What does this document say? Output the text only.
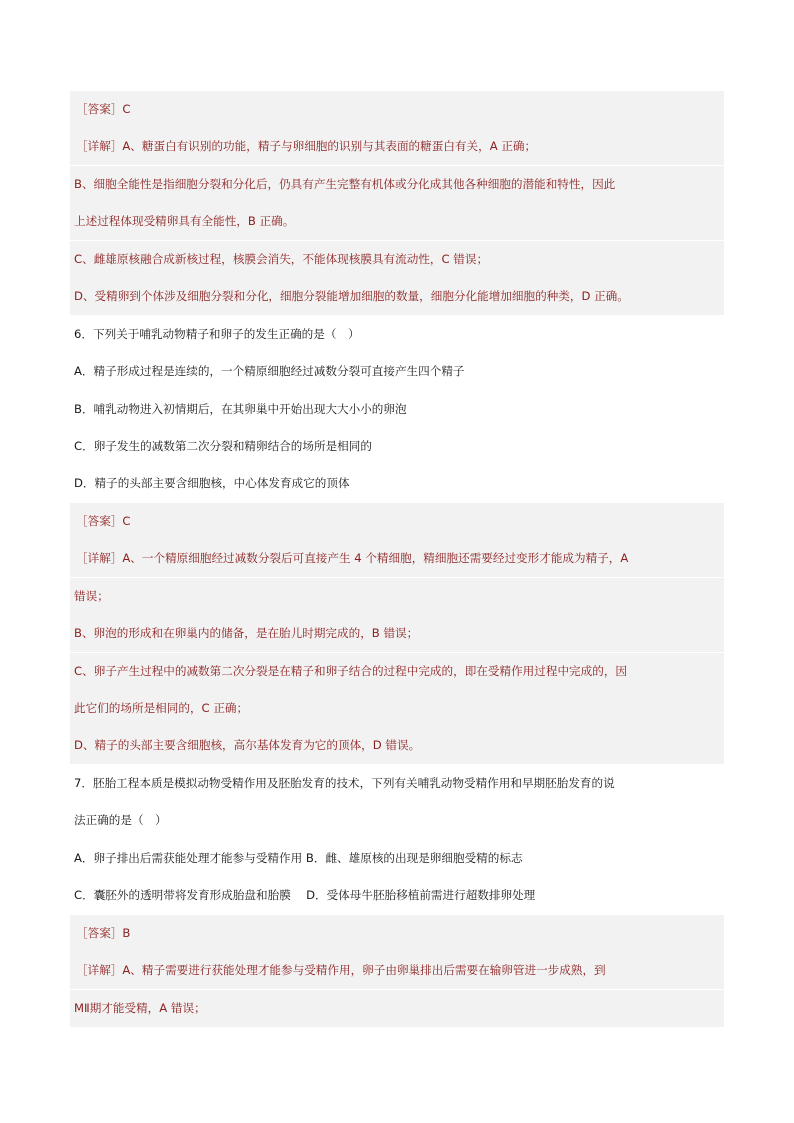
［答案］C
［详解］A、糖蛋白有识别的功能，精子与卵细胞的识别与其表面的糖蛋白有关，A 正确；
B、细胞全能性是指细胞分裂和分化后，仍具有产生完整有机体或分化成其他各种细胞的潜能和特性，因此
上述过程体现受精卵具有全能性，B 正确。
C、雌雄原核融合成新核过程，核膜会消失，不能体现核膜具有流动性，C 错误；
D、受精卵到个体涉及细胞分裂和分化，细胞分裂能增加细胞的数量，细胞分化能增加细胞的种类，D 正确。
6．下列关于哺乳动物精子和卵子的发生正确的是（　）
A．精子形成过程是连续的，一个精原细胞经过减数分裂可直接产生四个精子
B．哺乳动物进入初情期后，在其卵巢中开始出现大大小小的卵泡
C．卵子发生的减数第二次分裂和精卵结合的场所是相同的
D．精子的头部主要含细胞核，中心体发育成它的顶体
［答案］C
［详解］A、一个精原细胞经过减数分裂后可直接产生 4 个精细胞，精细胞还需要经过变形才能成为精子，A
错误；
B、卵泡的形成和在卵巢内的储备，是在胎儿时期完成的，B 错误；
C、卵子产生过程中的减数第二次分裂是在精子和卵子结合的过程中完成的，即在受精作用过程中完成的，因
此它们的场所是相同的，C 正确；
D、精子的头部主要含细胞核，高尔基体发育为它的顶体，D 错误。
7．胚胎工程本质是模拟动物受精作用及胚胎发育的技术，下列有关哺乳动物受精作用和早期胚胎发育的说
法正确的是（　）
A．卵子排出后需获能处理才能参与受精作用 B．雌、雄原核的出现是卵细胞受精的标志
C．囊胚外的透明带将发育形成胎盘和胎膜　 D．受体母牛胚胎移植前需进行超数排卵处理
［答案］B
［详解］A、精子需要进行获能处理才能参与受精作用，卵子由卵巢排出后需要在输卵管进一步成熟，到
MⅡ期才能受精，A 错误；
